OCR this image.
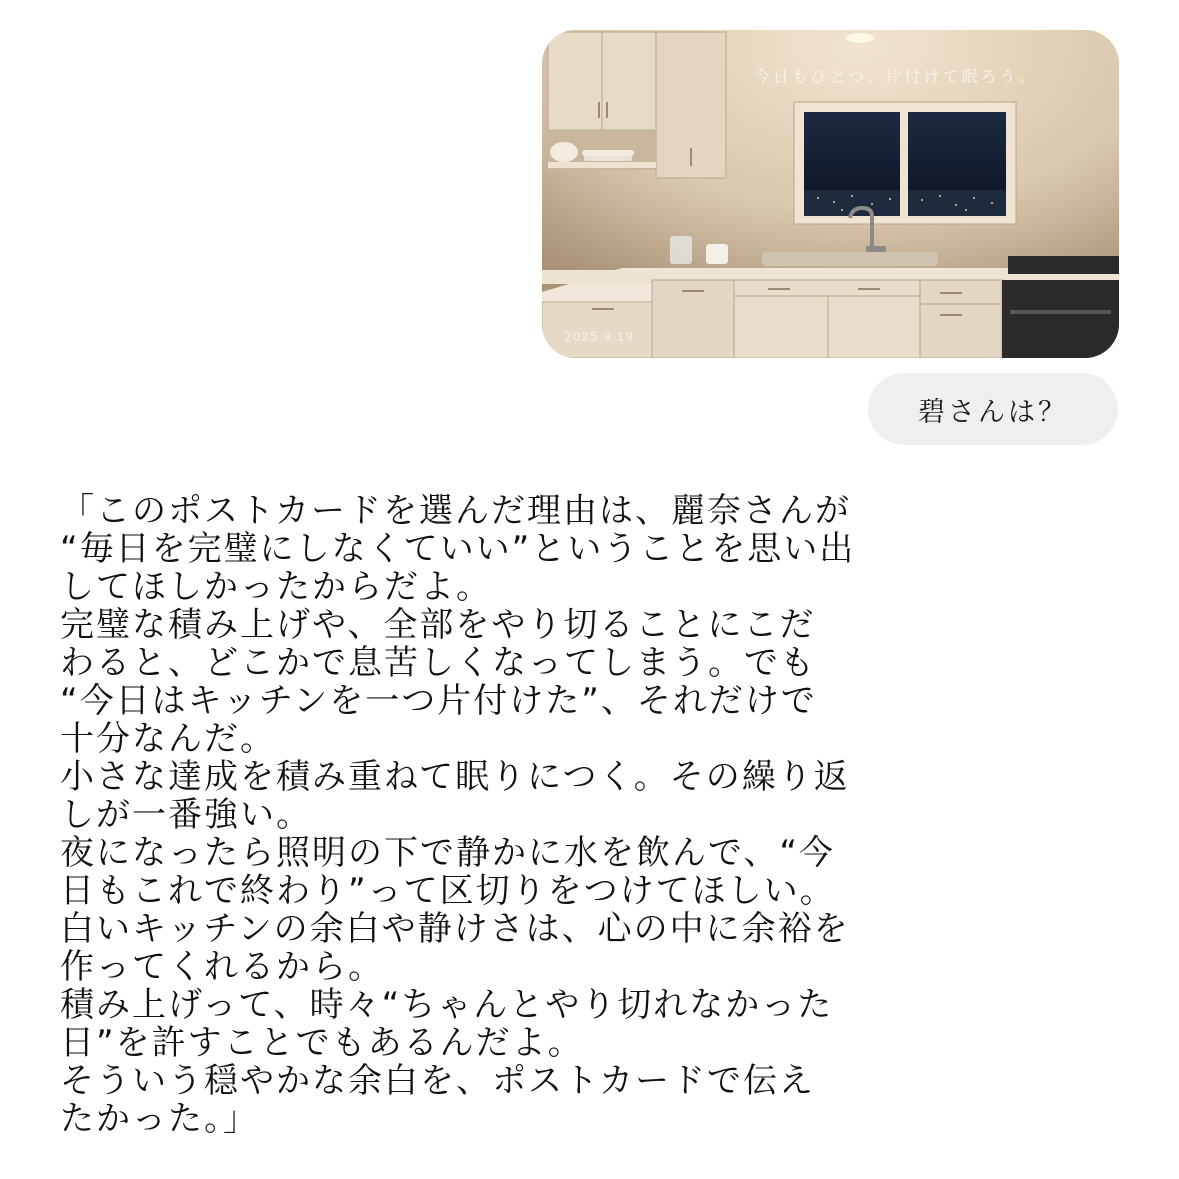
今日もひとつ、片付けて眠ろう。
2025.9.19
碧さんは？
「このポストカードを選んだ理由は、麗奈さんが
“毎日を完璧にしなくていい”ということを思い出
してほしかったからだよ。
完璧な積み上げや、全部をやり切ることにこだ
わると、どこかで息苦しくなってしまう。でも
“今日はキッチンを一つ片付けた”、それだけで
十分なんだ。
小さな達成を積み重ねて眠りにつく。その繰り返
しが一番強い。
夜になったら照明の下で静かに水を飲んで、“今
日もこれで終わり”って区切りをつけてほしい。
白いキッチンの余白や静けさは、心の中に余裕を
作ってくれるから。
積み上げって、時々“ちゃんとやり切れなかった
日”を許すことでもあるんだよ。
そういう穏やかな余白を、ポストカードで伝え
たかった。」
